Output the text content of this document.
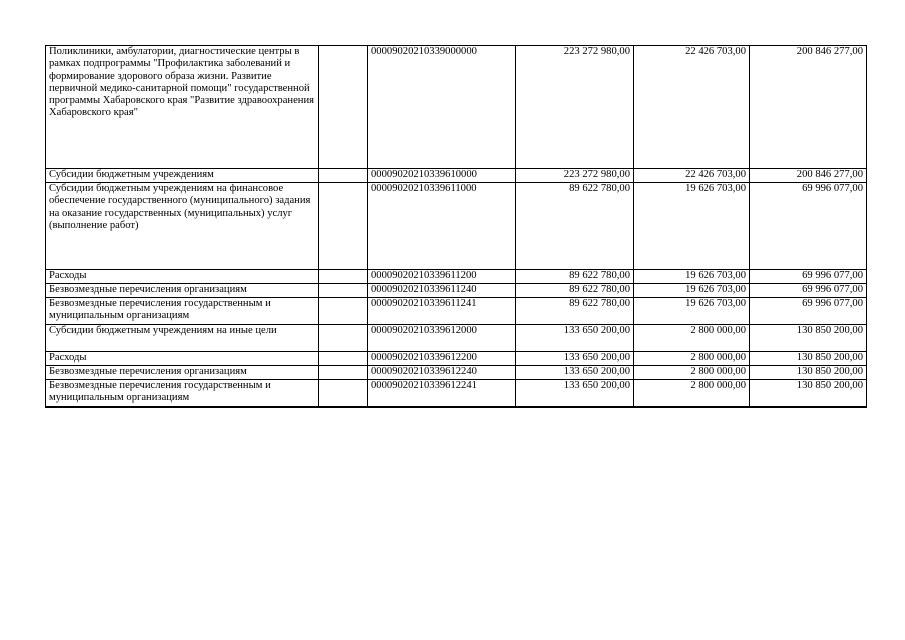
Поликлиники, амбулатории, диагностические центры в рамках подпрограммы "Профилактика заболеваний и формирование здорового образа жизни. Развитие первичной медико-санитарной помощи" государственной программы Хабаровского края "Развитие здравоохранения Хабаровского края"		00009020210339000000	223 272 980,00	22 426 703,00	200 846 277,00
Субсидии бюджетным учреждениям		00009020210339610000	223 272 980,00	22 426 703,00	200 846 277,00
Субсидии бюджетным учреждениям на финансовое обеспечение государственного (муниципального) задания на оказание государственных (муниципальных) услуг (выполнение работ)		00009020210339611000	89 622 780,00	19 626 703,00	69 996 077,00
Расходы		00009020210339611200	89 622 780,00	19 626 703,00	69 996 077,00
Безвозмездные перечисления организациям		00009020210339611240	89 622 780,00	19 626 703,00	69 996 077,00
Безвозмездные перечисления государственным и муниципальным организациям		00009020210339611241	89 622 780,00	19 626 703,00	69 996 077,00
Субсидии бюджетным учреждениям на иные цели		00009020210339612000	133 650 200,00	2 800 000,00	130 850 200,00
Расходы		00009020210339612200	133 650 200,00	2 800 000,00	130 850 200,00
Безвозмездные перечисления организациям		00009020210339612240	133 650 200,00	2 800 000,00	130 850 200,00
Безвозмездные перечисления государственным и муниципальным организациям		00009020210339612241	133 650 200,00	2 800 000,00	130 850 200,00
